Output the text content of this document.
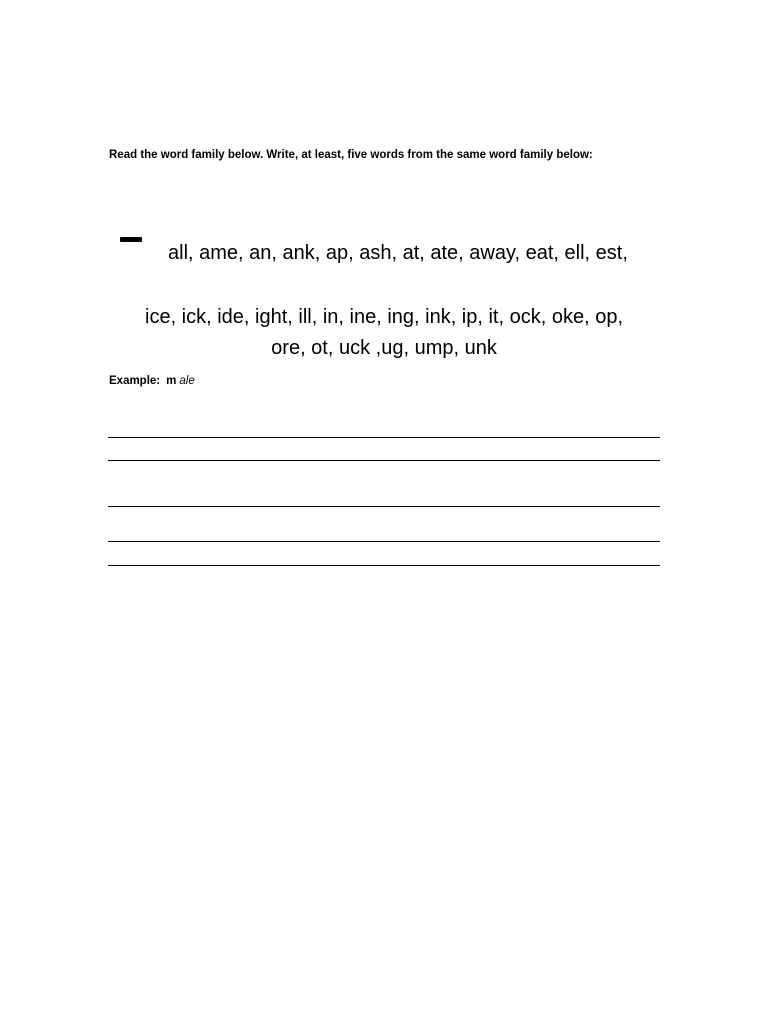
Read the word family below. Write, at least, five words from the same word family below:
all, ame, an, ank, ap, ash, at, ate, away, eat, ell, est,
ice, ick, ide, ight, ill, in, ine, ing, ink, ip, it, ock, oke, op,
ore, ot, uck ,ug, ump, unk
Example: m ale
